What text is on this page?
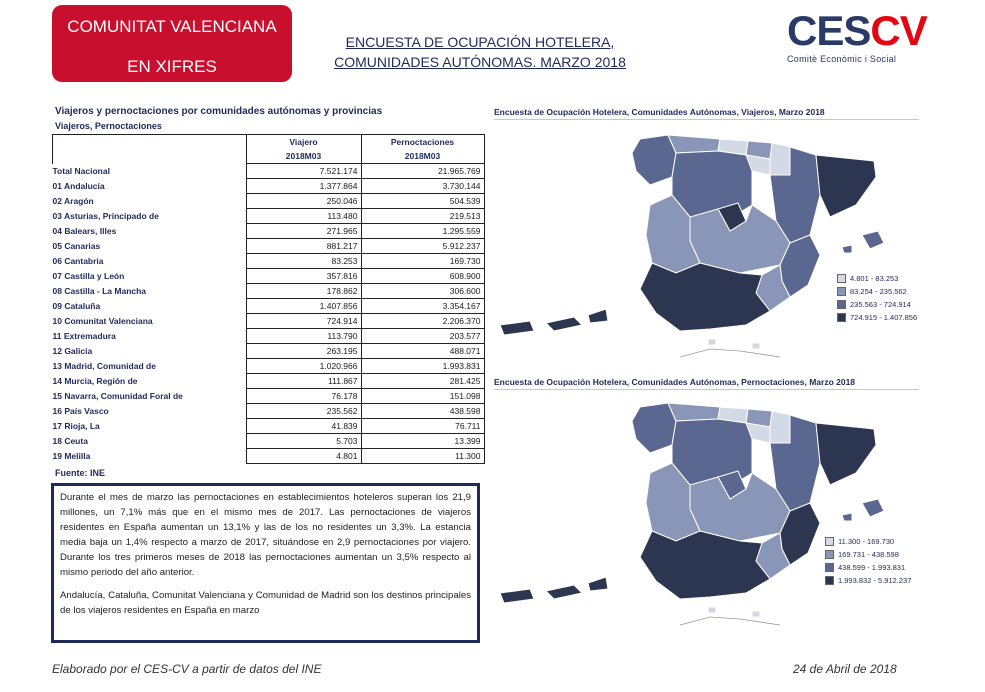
COMUNITAT VALENCIANA
EN XIFRES
ENCUESTA DE OCUPACIÓN HOTELERA,
COMUNIDADES AUTÓNOMAS. MARZO 2018
CESCV
Comitè Econòmic i Social
Viajeros y pernoctaciones por comunidades autónomas y provincias
Viajeros, Pernoctaciones
	Viajero	Pernoctaciones
	2018M03	2018M03
Total Nacional	7.521.174	21.965.769
01 Andalucía	1.377.864	3.730.144
02 Aragón	250.046	504.539
03 Asturias, Principado de	113.480	219.513
04 Balears, Illes	271.965	1.295.559
05 Canarias	881.217	5.912.237
06 Cantabria	83.253	169.730
07 Castilla y León	357.816	608.900
08 Castilla - La Mancha	178.862	306.600
09 Cataluña	1.407.856	3.354.167
10 Comunitat Valenciana	724.914	2.206.370
11 Extremadura	113.790	203.577
12 Galicia	263.195	488.071
13 Madrid, Comunidad de	1.020.966	1.993.831
14 Murcia, Región de	111.867	281.425
15 Navarra, Comunidad Foral de	76.178	151.098
16 País Vasco	235.562	438.598
17 Rioja, La	41.839	76.711
18 Ceuta	5.703	13.399
19 Melilla	4.801	11.300
Fuente: INE

Durante el mes de marzo las pernoctaciones en establecimientos hoteleros superan los 21,9 millones, un 7,1% más que en el mismo mes de 2017. Las pernoctaciones de viajeros residentes en España aumentan un 13,1% y las de los no residentes un 3,3%. La estancia media baja un 1,4% respecto a marzo de 2017, situándose en 2,9 pernoctaciones por viajero. Durante los tres primeros meses de 2018 las pernoctaciones aumentan un 3,5% respecto al mismo periodo del año anterior.

Andalucía, Cataluña, Comunitat Valenciana y Comunidad de Madrid son los destinos principales de los viajeros residentes en España en marzo

Encuesta de Ocupación Hotelera, Comunidades Autónomas, Viajeros, Marzo 2018
4.801 - 83.253
83.254 - 235.562
235.563 - 724.914
724.915 - 1.407.856
Encuesta de Ocupación Hotelera, Comunidades Autónomas, Pernoctaciones, Marzo 2018
11.300 - 169.730
169.731 - 438.598
438.599 - 1.993.831
1.993.832 - 5.912.237
Elaborado por el CES-CV a partir de datos del INE	24 de Abril de 2018
